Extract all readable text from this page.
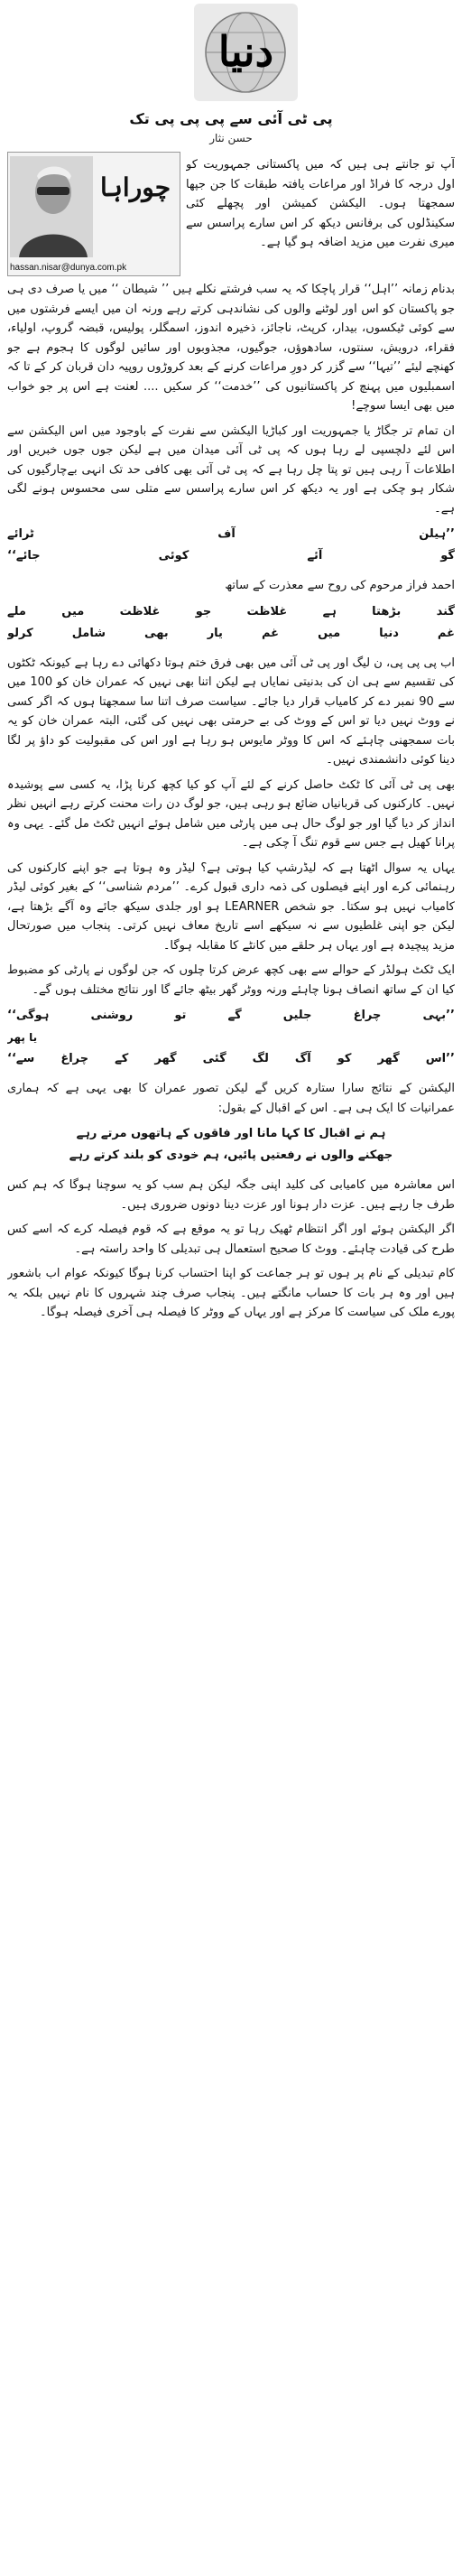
دنیا
پی ٹی آئی سے پی پی پی تک
حسن نثار
چوراہا
hassan.nisar@dunya.com.pk

آپ تو جانتے ہی ہیں کہ میں پاکستانی جمہوریت کو اول درجہ کا فراڈ اور مراعات یافتہ طبقات کا جن جپھا سمجھتا ہوں۔ الیکشن کمیشن اور پچھلے کئی سکینڈلوں کی برفانس دیکھ کر اس سارے پراسس سے میری نفرت میں مزید اضافہ ہو گیا ہے۔

بدنام زمانہ ’’اہل‘‘ قرار پاچکا کہ یہ سب فرشتے نکلے ہیں ’’ شیطان ‘‘ میں یا صرف دی ہی جو پاکستان کو اس اور لوٹنے والوں کی نشاندہی کرتے رہے ورنہ ان میں ایسے فرشتوں میں سے کوئی ٹیکسوں، بیدار، کرپٹ، ناجائز، ذخیرہ اندوز، اسمگلر، پولیس، قبضہ گروپ، اولیاء، فقراء، درویش، سنتوں، سادھوؤں، جوگیوں، مجذوبوں اور سائیں لوگوں کا ہجوم ہے جو کھنچے لیئے ’’تیہا‘‘ سے گزر کر دورِ مراعات کرنے کے بعد کروڑوں روپیہ دان قربان کر کے تا کہ اسمبلیوں میں پہنچ کر پاکستانیوں کی ’’خدمت‘‘ کر سکیں .... لعنت ہے اس پر جو خواب میں بھی ایسا سوچے!

ان تمام تر جگاڑ یا جمہوریت اور کباڑیا الیکشن سے نفرت کے باوجود میں اس الیکشن سے اس لئے دلچسپی لے رہا ہوں کہ پی ٹی آئی میدان میں ہے لیکن جوں جوں خبریں اور اطلاعات آ رہی ہیں تو پتا چل رہا ہے کہ پی ٹی آئی بھی کافی حد تک انہی بےچارگیوں کی شکار ہو چکی ہے اور یہ دیکھ کر اس سارے پراسس سے متلی سی محسوس ہونے لگی ہے۔

’’ہیلن آف ٹرائے
گو آئے کوئی جائے‘‘

احمد فراز مرحوم کی روح سے معذرت کے ساتھ

گند بڑھتا ہے غلاظت جو غلاظت میں ملے
غم دنیا میں غم یار بھی شامل کرلو

اب پی پی پی، ن لیگ اور پی ٹی آئی میں بھی فرق ختم ہوتا دکھائی دے رہا ہے کیونکہ ٹکٹوں کی تقسیم سے ہی ان کی بدنیتی نمایاں ہے لیکن اتنا بھی نہیں کہ عمران خان کو 100 میں سے 90 نمبر دے کر کامیاب قرار دیا جائے۔ سیاست صرف اتنا سا سمجھتا ہوں کہ اگر کسی نے ووٹ نہیں دیا تو اس کے ووٹ کی بے حرمتی بھی نہیں کی گئی، البتہ عمران خان کو یہ بات سمجھنی چاہئے کہ اس کا ووٹر مایوس ہو رہا ہے اور اس کی مقبولیت کو داؤ پر لگا دینا کوئی دانشمندی نہیں۔

بھی پی ٹی آئی کا ٹکٹ حاصل کرنے کے لئے آپ کو کیا کچھ کرنا پڑا، یہ کسی سے پوشیدہ نہیں۔ کارکنوں کی قربانیاں ضائع ہو رہی ہیں، جو لوگ دن رات محنت کرتے رہے انہیں نظر انداز کر دیا گیا اور جو لوگ حال ہی میں پارٹی میں شامل ہوئے انہیں ٹکٹ مل گئے۔ یہی وہ پرانا کھیل ہے جس سے قوم تنگ آ چکی ہے۔

یہاں یہ سوال اٹھتا ہے کہ لیڈرشپ کیا ہوتی ہے؟ لیڈر وہ ہوتا ہے جو اپنے کارکنوں کی رہنمائی کرے اور اپنے فیصلوں کی ذمہ داری قبول کرے۔ ’’مردم شناسی‘‘ کے بغیر کوئی لیڈر کامیاب نہیں ہو سکتا۔ جو شخص LEARNER ہو اور جلدی سیکھ جائے وہ آگے بڑھتا ہے، لیکن جو اپنی غلطیوں سے نہ سیکھے اسے تاریخ معاف نہیں کرتی۔ پنجاب میں صورتحال مزید پیچیدہ ہے اور یہاں ہر حلقے میں کانٹے کا مقابلہ ہوگا۔

ایک ٹکٹ ہولڈر کے حوالے سے بھی کچھ عرض کرتا چلوں کہ جن لوگوں نے پارٹی کو مضبوط کیا ان کے ساتھ انصاف ہونا چاہئے ورنہ ووٹر گھر بیٹھ جائے گا اور نتائج مختلف ہوں گے۔

’’بہی چراغ جلیں گے تو روشنی ہوگی‘‘
یا پھر
’’اس گھر کو آگ لگ گئی گھر کے چراغ سے‘‘

الیکشن کے نتائج سارا ستارہ کریں گے لیکن تصور عمران کا بھی یہی ہے کہ ہماری عمرانیات کا ایک ہی ہے۔ اس کے اقبال کے بقول:

ہم نے اقبال کا کہا مانا اور فاقوں کے ہاتھوں مرتے رہے
جھکنے والوں نے رفعتیں پائیں، ہم خودی کو بلند کرتے رہے

اس معاشرہ میں کامیابی کی کلید اپنی جگہ لیکن ہم سب کو یہ سوچنا ہوگا کہ ہم کس طرف جا رہے ہیں۔ عزت دار ہونا اور عزت دینا دونوں ضروری ہیں۔

اگر الیکشن ہوئے اور اگر انتظام ٹھیک رہا تو یہ موقع ہے کہ قوم فیصلہ کرے کہ اسے کس طرح کی قیادت چاہئے۔ ووٹ کا صحیح استعمال ہی تبدیلی کا واحد راستہ ہے۔

کام تبدیلی کے نام پر ہوں تو ہر جماعت کو اپنا احتساب کرنا ہوگا کیونکہ عوام اب باشعور ہیں اور وہ ہر بات کا حساب مانگتے ہیں۔ پنجاب صرف چند شہروں کا نام نہیں بلکہ یہ پورے ملک کی سیاست کا مرکز ہے اور یہاں کے ووٹر کا فیصلہ ہی آخری فیصلہ ہوگا۔
